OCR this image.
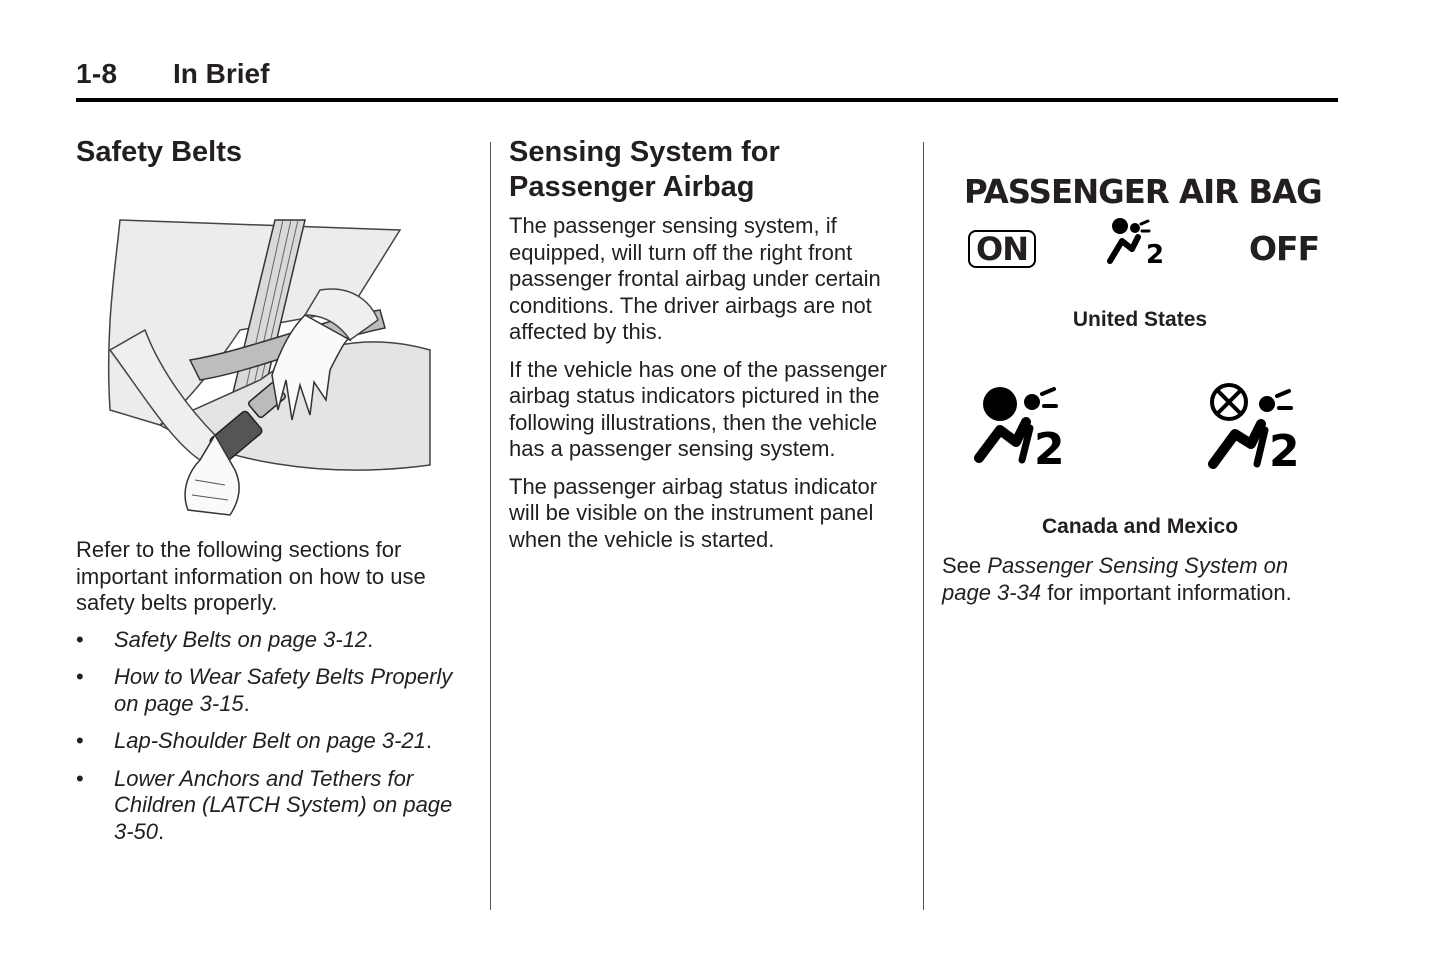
1-8 In Brief
Safety Belts

Refer to the following sections for important information on how to use safety belts properly.

• Safety Belts on page 3-12.
• How to Wear Safety Belts Properly on page 3-15.
• Lap-Shoulder Belt on page 3-21.
• Lower Anchors and Tethers for Children (LATCH System) on page 3-50.
Sensing System for
Passenger Airbag

The passenger sensing system, if equipped, will turn off the right front passenger frontal airbag under certain conditions. The driver airbags are not affected by this.

If the vehicle has one of the passenger airbag status indicators pictured in the following illustrations, then the vehicle has a passenger sensing system.

The passenger airbag status indicator will be visible on the instrument panel when the vehicle is started.

PASSENGER AIR BAG
ON	2	OFF
United States
2	2
Canada and Mexico

See Passenger Sensing System on page 3-34 for important information.
